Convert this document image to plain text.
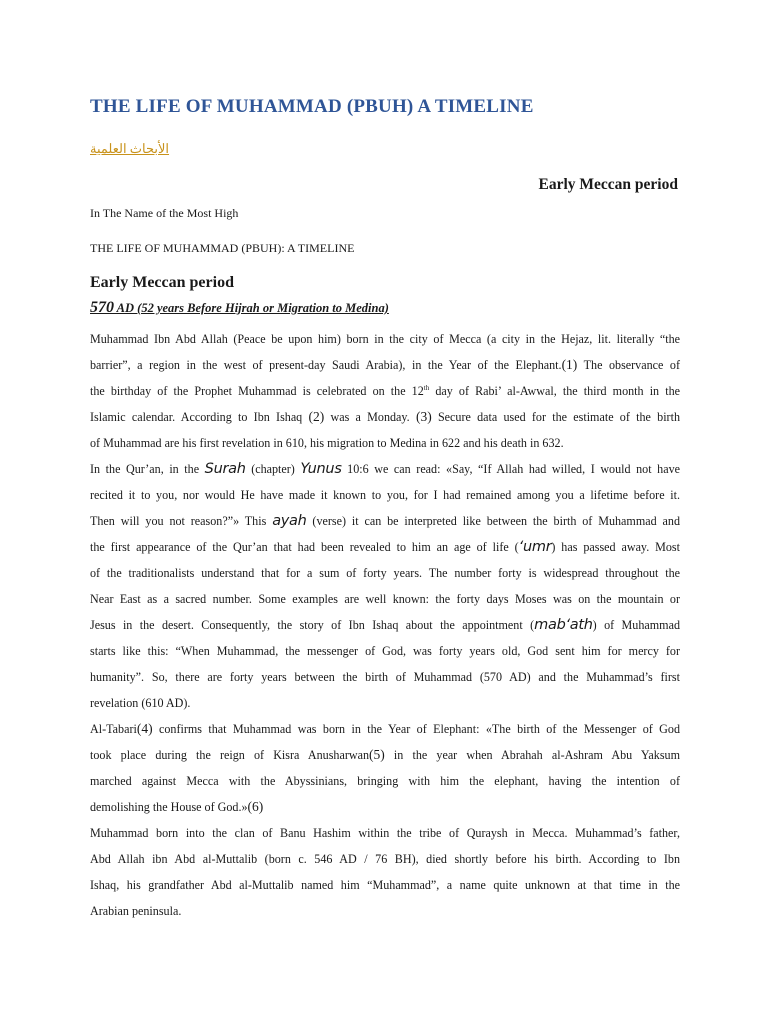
THE LIFE OF MUHAMMAD (PBUH) A TIMELINE
الأبحاث العلمية
Early Meccan period
In The Name of the Most High
THE LIFE OF MUHAMMAD (PBUH): A TIMELINE
Early Meccan period
570 AD (52 years Before Hijrah or Migration to Medina)

Muhammad Ibn Abd Allah (Peace be upon him) born in the city of Mecca (a city in the Hejaz, lit. literally “the
barrier”, a region in the west of present-day Saudi Arabia), in the Year of the Elephant.(1) The observance of
the birthday of the Prophet Muhammad is celebrated on the 12th day of Rabi’ al-Awwal, the third month in the
Islamic calendar. According to Ibn Ishaq (2) was a Monday. (3) Secure data used for the estimate of the birth
of Muhammad are his first revelation in 610, his migration to Medina in 622 and his death in 632.
In the Qur’an, in the Surah (chapter) Yunus 10:6 we can read: «Say, “If Allah had willed, I would not have
recited it to you, nor would He have made it known to you, for I had remained among you a lifetime before it.
Then will you not reason?”» This ayah (verse) it can be interpreted like between the birth of Muhammad and
the first appearance of the Qur’an that had been revealed to him an age of life (‘umr) has passed away. Most
of the traditionalists understand that for a sum of forty years. The number forty is widespread throughout the
Near East as a sacred number. Some examples are well known: the forty days Moses was on the mountain or
Jesus in the desert. Consequently, the story of Ibn Ishaq about the appointment (mab‘ath) of Muhammad
starts like this: “When Muhammad, the messenger of God, was forty years old, God sent him for mercy for
humanity”. So, there are forty years between the birth of Muhammad (570 AD) and the Muhammad’s first
revelation (610 AD).
Al-Tabari(4) confirms that Muhammad was born in the Year of Elephant: «The birth of the Messenger of God
took place during the reign of Kisra Anusharwan(5) in the year when Abrahah al-Ashram Abu Yaksum
marched against Mecca with the Abyssinians, bringing with him the elephant, having the intention of
demolishing the House of God.»(6)
Muhammad born into the clan of Banu Hashim within the tribe of Quraysh in Mecca. Muhammad’s father,
Abd Allah ibn Abd al-Muttalib (born c. 546 AD / 76 BH), died shortly before his birth. According to Ibn
Ishaq, his grandfather Abd al-Muttalib named him “Muhammad”, a name quite unknown at that time in the
Arabian peninsula.
